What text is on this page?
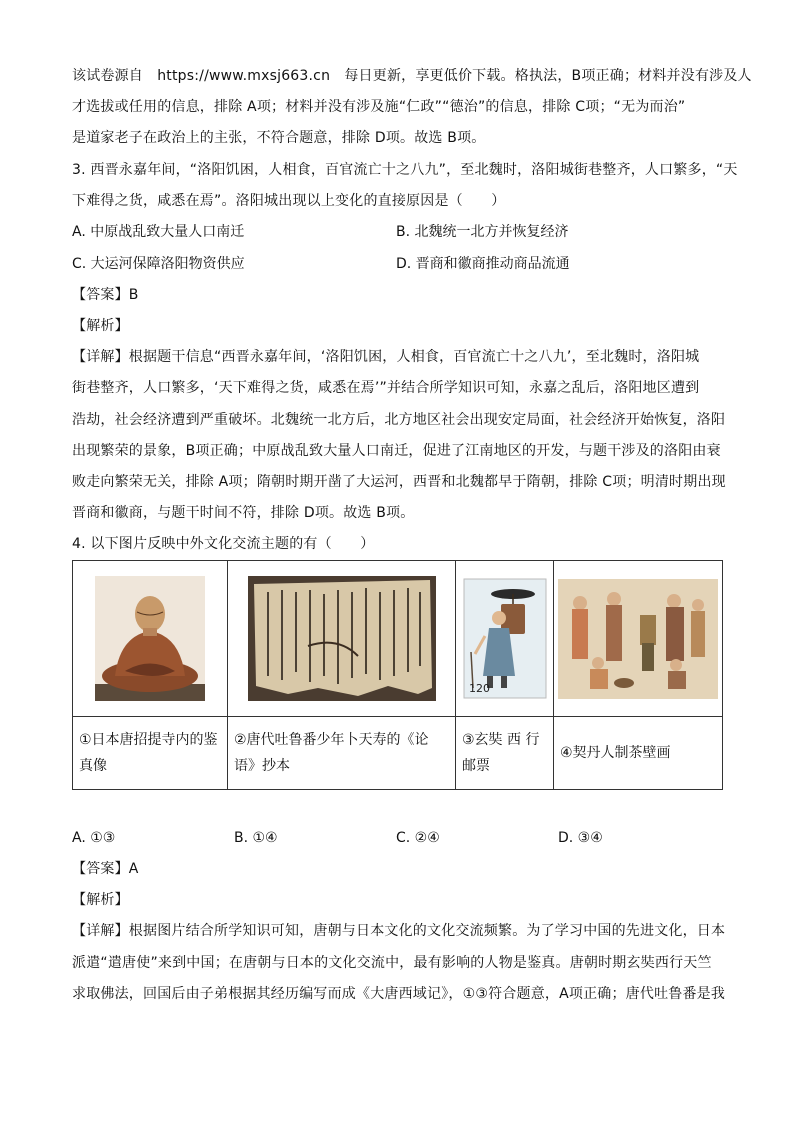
该试卷源自　https://www.mxsj663.cn　每日更新，享更低价下载。格执法，B项正确；材料并没有涉及人
才选拔或任用的信息，排除 A项；材料并没有涉及施“仁政”“德治”的信息，排除 C项；“无为而治”
是道家老子在政治上的主张，不符合题意，排除 D项。故选 B项。
3. 西晋永嘉年间，“洛阳饥困，人相食，百官流亡十之八九”，至北魏时，洛阳城街巷整齐，人口繁多，“天
下难得之货，咸悉在焉”。洛阳城出现以上变化的直接原因是（　　）
A. 中原战乱致大量人口南迁	B. 北魏统一北方并恢复经济
C. 大运河保障洛阳物资供应	D. 晋商和徽商推动商品流通
【答案】B
【解析】
【详解】根据题干信息“西晋永嘉年间，‘洛阳饥困，人相食，百官流亡十之八九’，至北魏时，洛阳城
街巷整齐，人口繁多，‘天下难得之货，咸悉在焉’”并结合所学知识可知，永嘉之乱后，洛阳地区遭到
浩劫，社会经济遭到严重破坏。北魏统一北方后，北方地区社会出现安定局面，社会经济开始恢复，洛阳
出现繁荣的景象，B项正确；中原战乱致大量人口南迁，促进了江南地区的开发，与题干涉及的洛阳由衰
败走向繁荣无关，排除 A项；隋朝时期开凿了大运河，西晋和北魏都早于隋朝，排除 C项；明清时期出现
晋商和徽商，与题干时间不符，排除 D项。故选 B项。
4. 以下图片反映中外文化交流主题的有（　　）

120

①日本唐招提寺内的鉴真像	②唐代吐鲁番少年卜天寿的《论语》抄本	③玄奘 西 行 邮票	④契丹人制茶壁画
A. ①③	B. ①④	C. ②④	D. ③④
【答案】A
【解析】
【详解】根据图片结合所学知识可知，唐朝与日本文化的文化交流频繁。为了学习中国的先进文化，日本
派遣“遣唐使”来到中国；在唐朝与日本的文化交流中，最有影响的人物是鉴真。唐朝时期玄奘西行天竺
求取佛法，回国后由子弟根据其经历编写而成《大唐西域记》，①③符合题意，A项正确；唐代吐鲁番是我
